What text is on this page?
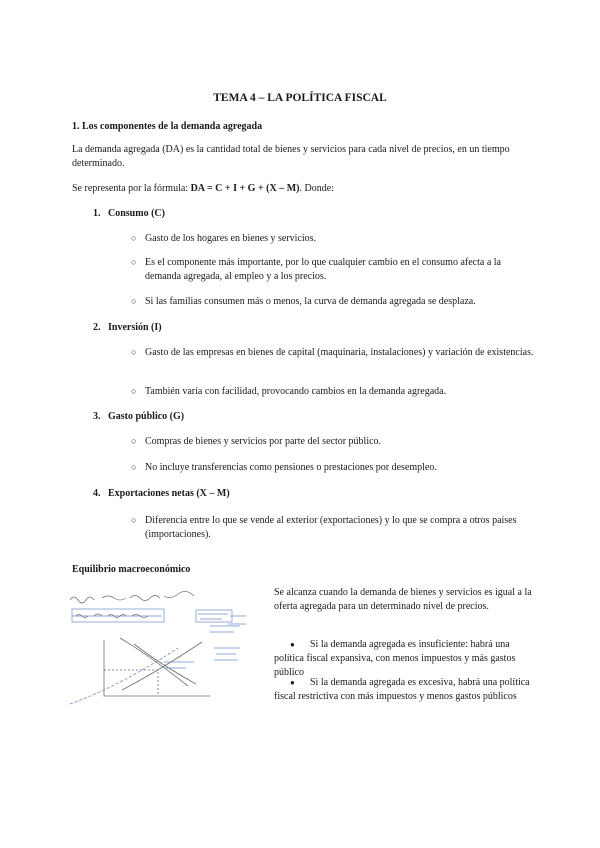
TEMA 4 – LA POLÍTICA FISCAL
1. Los componentes de la demanda agregada
La demanda agregada (DA) es la cantidad total de bienes y servicios para cada nivel de precios, en un tiempo determinado.
Se representa por la fórmula: DA = C + I + G + (X – M). Donde:
1. Consumo (C)
○ Gasto de los hogares en bienes y servicios.
○ Es el componente más importante, por lo que cualquier cambio en el consumo afecta a la demanda agregada, al empleo y a los precios.
○ Si las familias consumen más o menos, la curva de demanda agregada se desplaza.
2. Inversión (I)
○ Gasto de las empresas en bienes de capital (maquinaria, instalaciones) y variación de existencias.
○ También varía con facilidad, provocando cambios en la demanda agregada.
3. Gasto público (G)
○ Compras de bienes y servicios por parte del sector público.
○ No incluye transferencias como pensiones o prestaciones por desempleo.
4. Exportaciones netas (X – M)
○ Diferencia entre lo que se vende al exterior (exportaciones) y lo que se compra a otros países (importaciones).
Equilibrio macroeconómico
Se alcanza cuando la demanda de bienes y servicios es igual a la oferta agregada para un determinado nivel de precios.
●	Si la demanda agregada es insuficiente: habrá una política fiscal expansiva, con menos impuestos y más gastos público
●	Si la demanda agregada es excesiva, habrá una política fiscal restrictiva con más impuestos y menos gastos públicos
